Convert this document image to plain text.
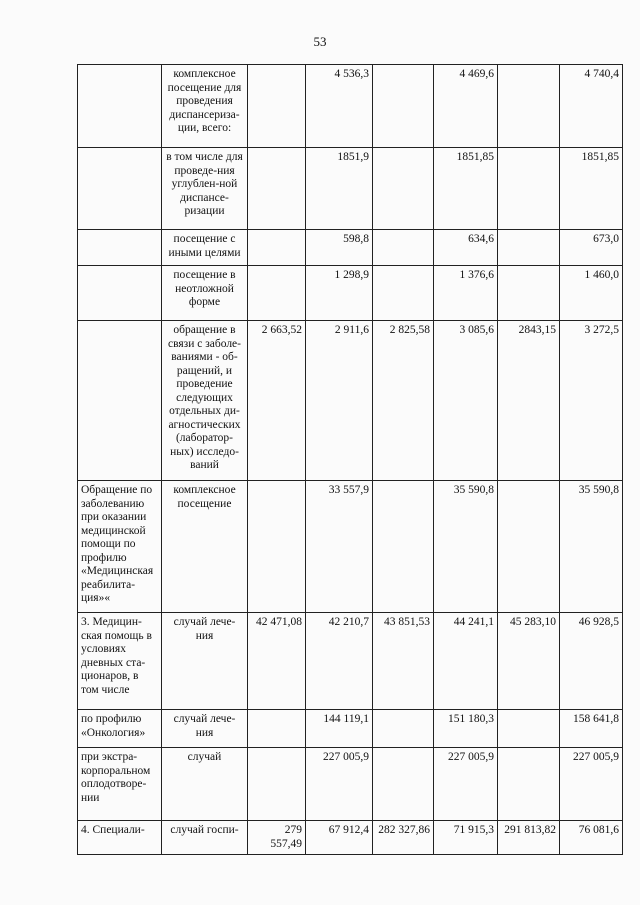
53
	комплексное посещение для проведения диспансериза-ции, всего:		4 536,3		4 469,6		4 740,4
	в том числе для проведе-ния углублен-ной диспансе-ризации		1851,9		1851,85		1851,85
	посещение с иными целями		598,8		634,6		673,0
	посещение в неотложной форме		1 298,9		1 376,6		1 460,0
	обращение в связи с заболе-ваниями - об-ращений, и проведение следующих отдельных ди-агностических (лаборатор-ных) исследо-ваний	2 663,52	2 911,6	2 825,58	3 085,6	2843,15	3 272,5
Обращение по заболеванию при оказании медицинской помощи по профилю «Медицинская реабилита-ция»«	комплексное посещение		33 557,9		35 590,8		35 590,8
3. Медицин-ская помощь в условиях дневных ста-ционаров, в том числе	случай лече-ния	42 471,08	42 210,7	43 851,53	44 241,1	45 283,10	46 928,5
по профилю «Онкология»	случай лече-ния		144 119,1		151 180,3		158 641,8
при экстра-корпоральном оплодотворе-нии	случай		227 005,9		227 005,9		227 005,9
4. Специали-	случай госпи-	279 557,49	67 912,4	282 327,86	71 915,3	291 813,82	76 081,6
